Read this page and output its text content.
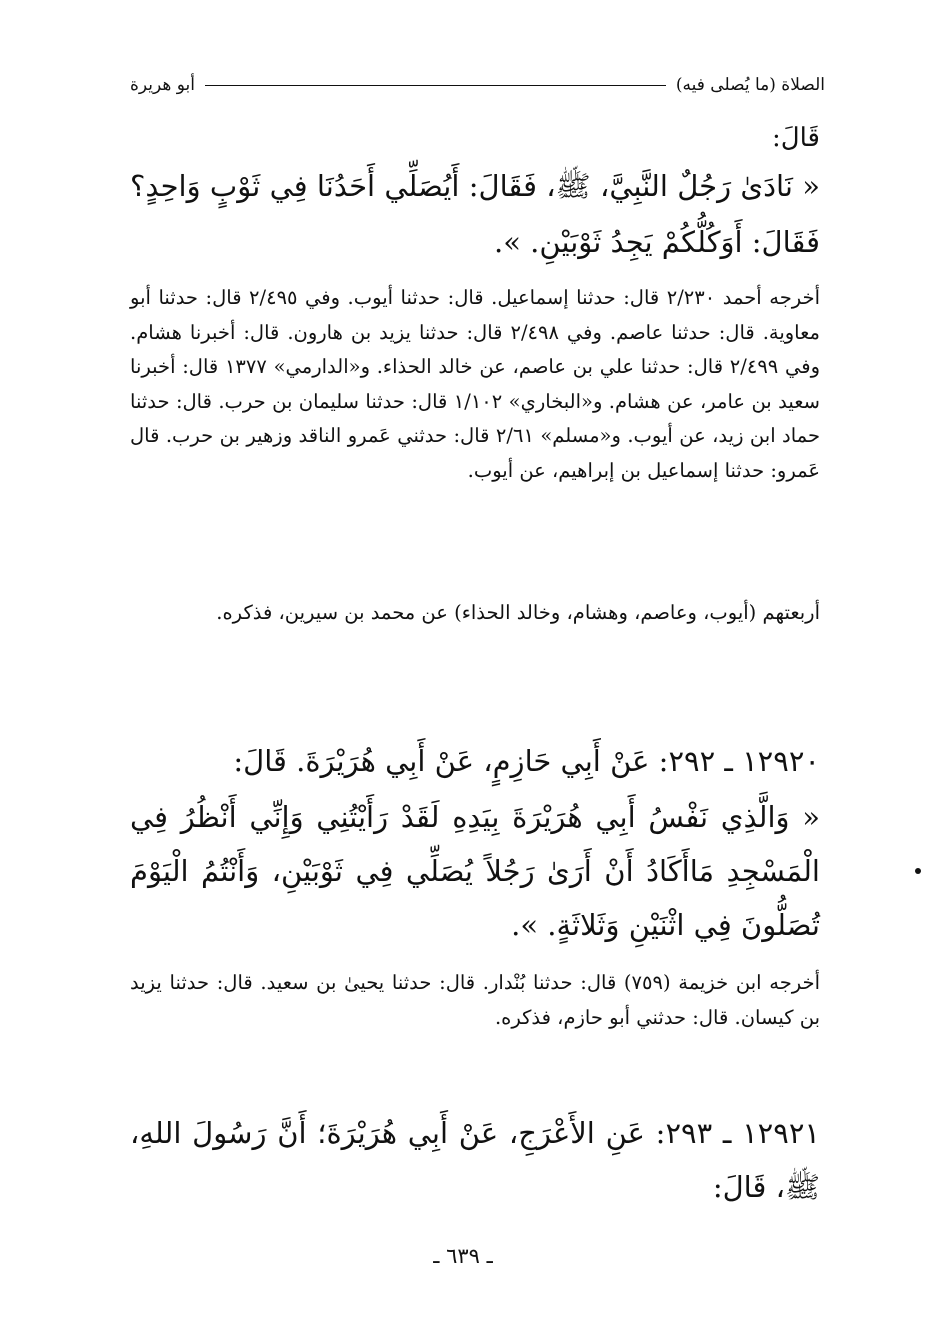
الصلاة (ما يُصلى فيه)
أبو هريرة

قَالَ:

« نَادَىٰ رَجُلٌ النَّبِيَّ، ﷺ، فَقَالَ: أَيُصَلِّي أَحَدُنَا فِي ثَوْبٍ وَاحِدٍ؟ فَقَالَ: أَوَكُلُّكُمْ يَجِدُ ثَوْبَيْنِ. ».

أخرجه أحمد ٢/٢٣٠ قال: حدثنا إسماعيل. قال: حدثنا أيوب. وفي ٢/٤٩٥ قال: حدثنا أبو معاوية. قال: حدثنا عاصم. وفي ٢/٤٩٨ قال: حدثنا يزيد بن هارون. قال: أخبرنا هشام. وفي ٢/٤٩٩ قال: حدثنا علي بن عاصم، عن خالد الحذاء. و«الدارمي» ١٣٧٧ قال: أخبرنا سعيد بن عامر، عن هشام. و«البخاري» ١/١٠٢ قال: حدثنا سليمان بن حرب. قال: حدثنا حماد ابن زيد، عن أيوب. و«مسلم» ٢/٦١ قال: حدثني عَمرو الناقد وزهير بن حرب. قال عَمرو: حدثنا إسماعيل بن إبراهيم، عن أيوب.

أربعتهم (أيوب، وعاصم، وهشام، وخالد الحذاء) عن محمد بن سيرين، فذكره.

١٢٩٢٠ ـ ٢٩٢: عَنْ أَبِي حَازِمٍ، عَنْ أَبِي هُرَيْرَةَ. قَالَ:

« وَالَّذِي نَفْسُ أَبِي هُرَيْرَةَ بِيَدِهِ لَقَدْ رَأَيْتُنِي وَإِنِّي أَنْظُرُ فِي الْمَسْجِدِ مَاأَكَادُ أَنْ أَرَىٰ رَجُلاً يُصَلِّي فِي ثَوْبَيْنِ، وَأَنْتُمُ الْيَوْمَ تُصَلُّونَ فِي اثْنَيْنِ وَثَلاثَةٍ. ».

أخرجه ابن خزيمة (٧٥٩) قال: حدثنا بُنْدار. قال: حدثنا يحيىٰ بن سعيد. قال: حدثنا يزيد بن كيسان. قال: حدثني أبو حازم، فذكره.

١٢٩٢١ ـ ٢٩٣: عَنِ الأَعْرَجِ، عَنْ أَبِي هُرَيْرَةَ؛ أَنَّ رَسُولَ اللهِ، ﷺ، قَالَ:

ـ ٦٣٩ ـ
